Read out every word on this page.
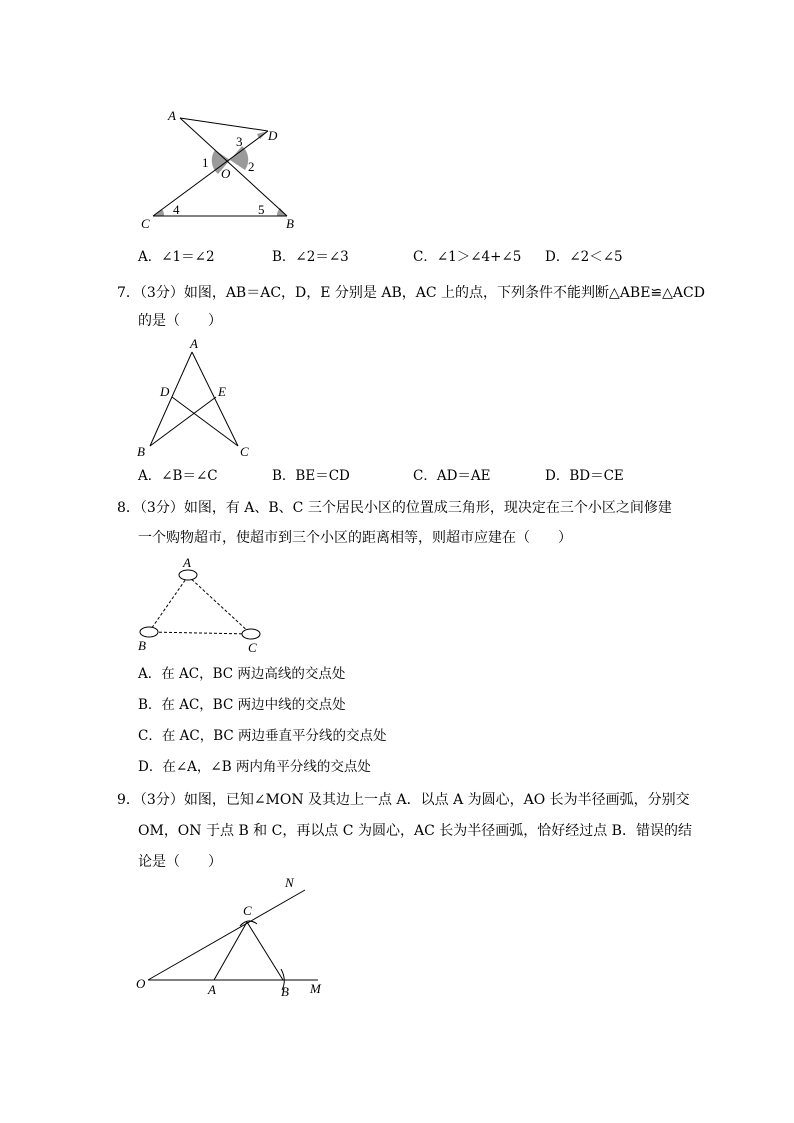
A
D
O
C	B
1	2
3
4	5
A．∠1＝∠2	B．∠2＝∠3	C．∠1＞∠4+∠5 D．∠2＜∠5
7．（3分）如图，AB＝AC，D，E 分别是 AB，AC 上的点，下列条件不能判断△ABE≌△ACD
的是（　　）
A
D	E
B	C
A．∠B＝∠C	B．BE＝CD	C．AD＝AE	D．BD＝CE
8．（3分）如图，有 A、B、C 三个居民小区的位置成三角形，现决定在三个小区之间修建
一个购物超市，使超市到三个小区的距离相等，则超市应建在（　　）
A
B	C
A．在 AC，BC 两边高线的交点处
B．在 AC，BC 两边中线的交点处
C．在 AC，BC 两边垂直平分线的交点处
D．在∠A，∠B 两内角平分线的交点处
9．（3分）如图，已知∠MON 及其边上一点 A．以点 A 为圆心，AO 长为半径画弧，分别交
OM，ON 于点 B 和 C，再以点 C 为圆心，AC 长为半径画弧，恰好经过点 B．错误的结
论是（　　）
N
C
O	A	B M
